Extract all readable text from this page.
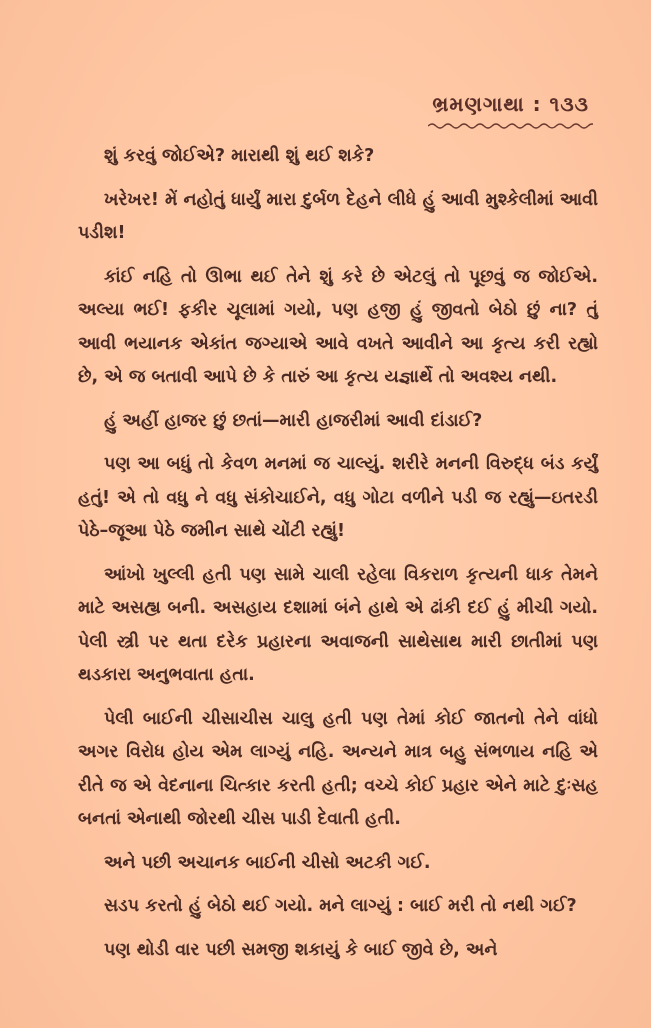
ભ્રમણગાથા : ૧૩૩

શું કરવું જોઈએ? મારાથી શું થઈ શકે?

ખરેખર! મેં નહોતું ધાર્યું મારા દુર્બળ દેહને લીધે હું આવી મુશ્કેલીમાં આવી પડીશ!

કાંઈ નહિ તો ઊભા થઈ તેને શું કરે છે એટલું તો પૂછવું જ જોઈએ. અલ્યા ભઈ! ફકીર ચૂલામાં ગયો, પણ હજી હું જીવતો બેઠો છું ના? તું આવી ભયાનક એકાંત જગ્યાએ આવે વખતે આવીને આ કૃત્ય કરી રહ્યો છે, એ જ બતાવી આપે છે કે તારું આ કૃત્ય યજ્ઞાર્થે તો અવશ્ય નથી.

હું અહીં હાજર છું છતાં—મારી હાજરીમાં આવી દાંડાઈ?

પણ આ બધું તો કેવળ મનમાં જ ચાલ્યું. શરીરે મનની વિરુદ્ધ બંડ કર્યું હતું! એ તો વધુ ને વધુ સંકોચાઈને, વધુ ગોટા વળીને પડી જ રહ્યું—ઇતરડી પેઠે–જૂઆ પેઠે જમીન સાથે ચોંટી રહ્યું!

આંખો ખુલ્લી હતી પણ સામે ચાલી રહેલા વિકરાળ કૃત્યની ધાક તેમને માટે અસહ્ય બની. અસહાય દશામાં બંને હાથે એ ઢાંકી દઈ હું મીચી ગયો. પેલી સ્ત્રી પર થતા દરેક પ્રહારના અવાજની સાથેસાથ મારી છાતીમાં પણ થડકારા અનુભવાતા હતા.

પેલી બાઈની ચીસાચીસ ચાલુ હતી પણ તેમાં કોઈ જાતનો તેને વાંધો અગર વિરોધ હોય એમ લાગ્યું નહિ. અન્યને માત્ર બહુ સંભળાય નહિ એ રીતે જ એ વેદનાના ચિત્કાર કરતી હતી; વચ્ચે કોઈ પ્રહાર એને માટે દુઃસહ બનતાં એનાથી જોરથી ચીસ પાડી દેવાતી હતી.

અને પછી અચાનક બાઈની ચીસો અટકી ગઈ.

સડપ કરતો હું બેઠો થઈ ગયો. મને લાગ્યું : બાઈ મરી તો નથી ગઈ?

પણ થોડી વાર પછી સમજી શકાયું કે બાઈ જીવે છે, અને
